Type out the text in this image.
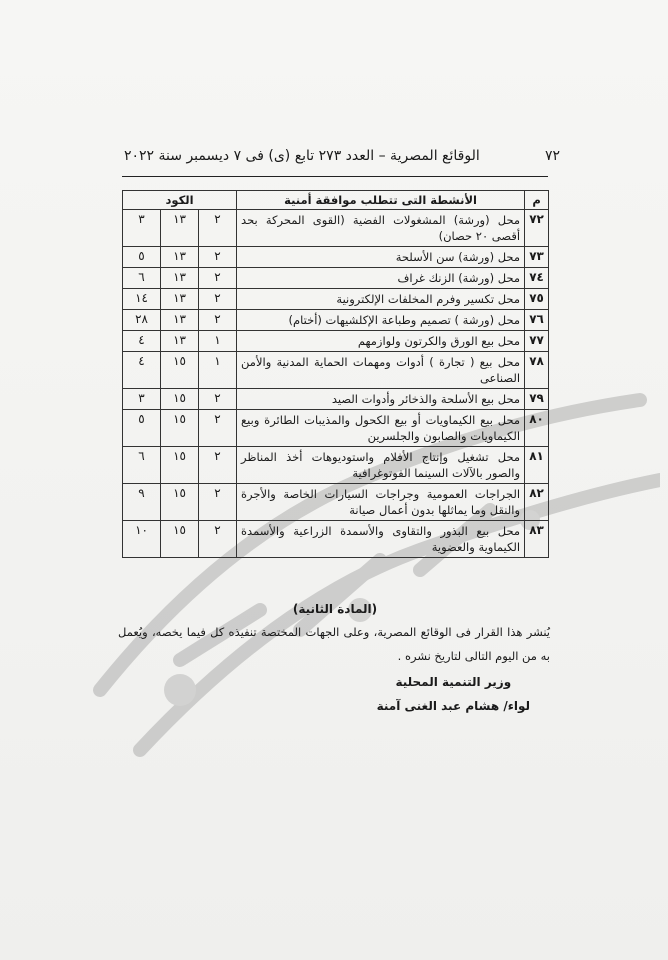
٧٢
الوقائع المصرية – العدد ٢٧٣ تابع (ى) فى ٧ ديسمبر سنة ٢٠٢٢
م	الأنشطة التى تتطلب موافقة أمنية	الكود		
٧٢	محل (ورشة) المشغولات الفضية (القوى المحركة بحد أقصى ٢٠ حصان)	٢	١٣	٣
٧٣	محل (ورشة) سن الأسلحة	٢	١٣	٥
٧٤	محل (ورشة) الزنك غراف	٢	١٣	٦
٧٥	محل تكسير وفرم المخلفات الإلكترونية	٢	١٣	١٤
٧٦	محل (ورشة ) تصميم وطباعة الإكلشيهات (أختام)	٢	١٣	٢٨
٧٧	محل بيع الورق والكرتون ولوازمهم	١	١٣	٤
٧٨	محل بيع ( تجارة ) أدوات ومهمات الحماية المدنية والأمن الصناعى	١	١٥	٤
٧٩	محل بيع الأسلحة والذخائر وأدوات الصيد	٢	١٥	٣
٨٠	محل بيع الكيماويات أو بيع الكحول والمذيبات الطائرة وبيع الكيماويات والصابون والجلسرين	٢	١٥	٥
٨١	محل تشغيل وإنتاج الأفلام واستوديوهات أخذ المناظر والصور بالآلات السينما الفوتوغرافية	٢	١٥	٦
٨٢	الجراجات العمومية وجراجات السيارات الخاصة والأجرة والنقل وما يماثلها بدون أعمال صيانة	٢	١٥	٩
٨٣	محل بيع البذور والتقاوى والأسمدة الزراعية والأسمدة الكيماوية والعضوية	٢	١٥	١٠
(المادة الثانية)
يُنشر هذا القرار فى الوقائع المصرية، وعلى الجهات المختصة تنفيذه كل فيما يخصه، ويُعمل به من اليوم التالى لتاريخ نشره .
وزير التنمية المحلية
لواء/ هشام عبد الغنى آمنة
